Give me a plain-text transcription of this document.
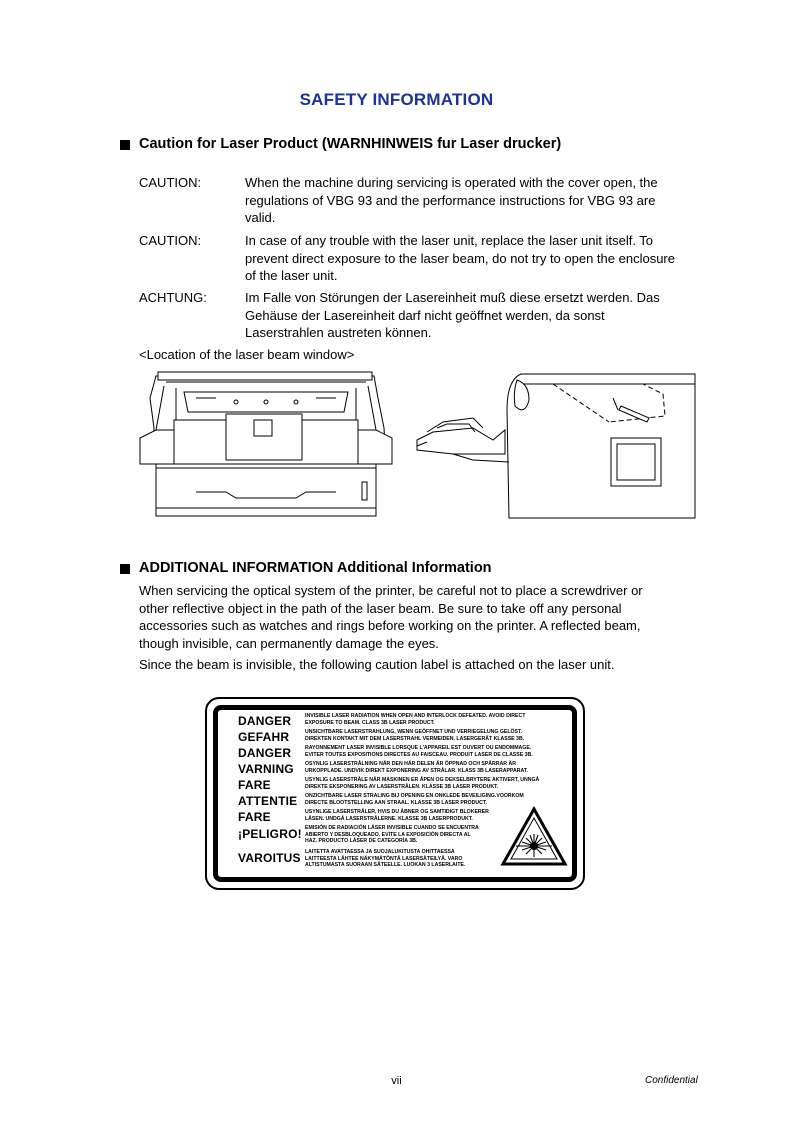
SAFETY INFORMATION
Caution for Laser Product (WARNHINWEIS fur Laser drucker)
CAUTION:	When the machine during servicing is operated with the cover open, the
regulations of VBG 93 and the performance instructions for VBG 93 are
valid.
CAUTION:	In case of any trouble with the laser unit, replace the laser unit itself. To
prevent direct exposure to the laser beam, do not try to open the enclosure
of the laser unit.
ACHTUNG:	Im Falle von Störungen der Lasereinheit muß diese ersetzt werden. Das
Gehäuse der Lasereinheit darf nicht geöffnet werden, da sonst
Laserstrahlen austreten können.
<Location of the laser beam window>
ADDITIONAL INFORMATION Additional Information
When servicing the optical system of the printer, be careful not to place a screwdriver or
other reflective object in the path of the laser beam. Be sure to take off any personal
accessories such as watches and rings before working on the printer. A reflected beam,
though invisible, can permanently damage the eyes.
Since the beam is invisible, the following caution label is attached on the laser unit.
DANGER	INVISIBLE LASER RADIATION WHEN OPEN AND INTERLOCK DEFEATED. AVOID DIRECT
EXPOSURE TO BEAM. CLASS 3B LASER PRODUCT.
GEFAHR	UNSICHTBARE LASERSTRAHLUNG, WENN GEÖFFNET UND VERRIEGELUNG GELÖST.
DIREKTEN KONTAKT MIT DEM LASERSTRAHL VERMEIDEN. LASERGERÄT KLASSE 3B.
DANGER	RAYONNEMENT LASER INVISIBLE LORSQUE L'APPAREIL EST OUVERT OU ENDOMMAGE.
EVITER TOUTES EXPOSITIONS DIRECTES AU FAISCEAU. PRODUIT LASER DE CLASSE 3B.
VARNING OSYNLIG LASERSTRÅLNING NÄR DEN HÄR DELEN ÄR ÖPPNAD OCH SPÄRRAR ÄR
URKOPPLADE. UNDVIK DIREKT EXPONERING AV STRÅLAR. KLASS 3B LASERAPPARAT.
FARE	USYNLIG LASERSTRÅLE NÅR MASKINEN ER ÅPEN OG DEKSELBRYTERE AKTIVERT, UNNGÅ
DIREKTE EKSPONERING AV LASERSTRÅLEN. KLASSE 3B LASER PRODUKT.
ATTENTIE ONZICHTBARE LASER STRALING BIJ OPENING EN ONKLEDE BEVEILIGING.VOORKOM
DIRECTE BLOOTSTELLING AAN STRAAL. KLASSE 3B LASER PRODUCT.
FARE	USYNLIGE LASERSTRÅLER, HVIS DU ÅBNER OG SAMTIDIGT BLOKERER
LÅSEN. UNDGÅ LASERSTRÅLERNE. KLASSE 3B LASERPRODUKT.
¡PELIGRO! EMISIÓN DE RADIACIÓN LÁSER INVISIBLE CUANDO SE ENCUENTRA
ABIERTO Y DESBLOQUEADO. EVITE LA EXPOSICIÓN DIRECTA AL
HAZ. PRODUCTO LÁSER DE CATEGORÍA 3B.
VAROITUS LAITETTA AVATTAESSA JA SUOJALUKITUSTA OHITTAESSA
LAITTEESTA LÄHTEE NÄKYMÄTÖNTÄ LASERSÄTEILYÄ. VARO
ALTISTUMASTA SUORAAN SÄTEELLE. LUOKAN 3 LASERLAITE.
vii	Confidential
